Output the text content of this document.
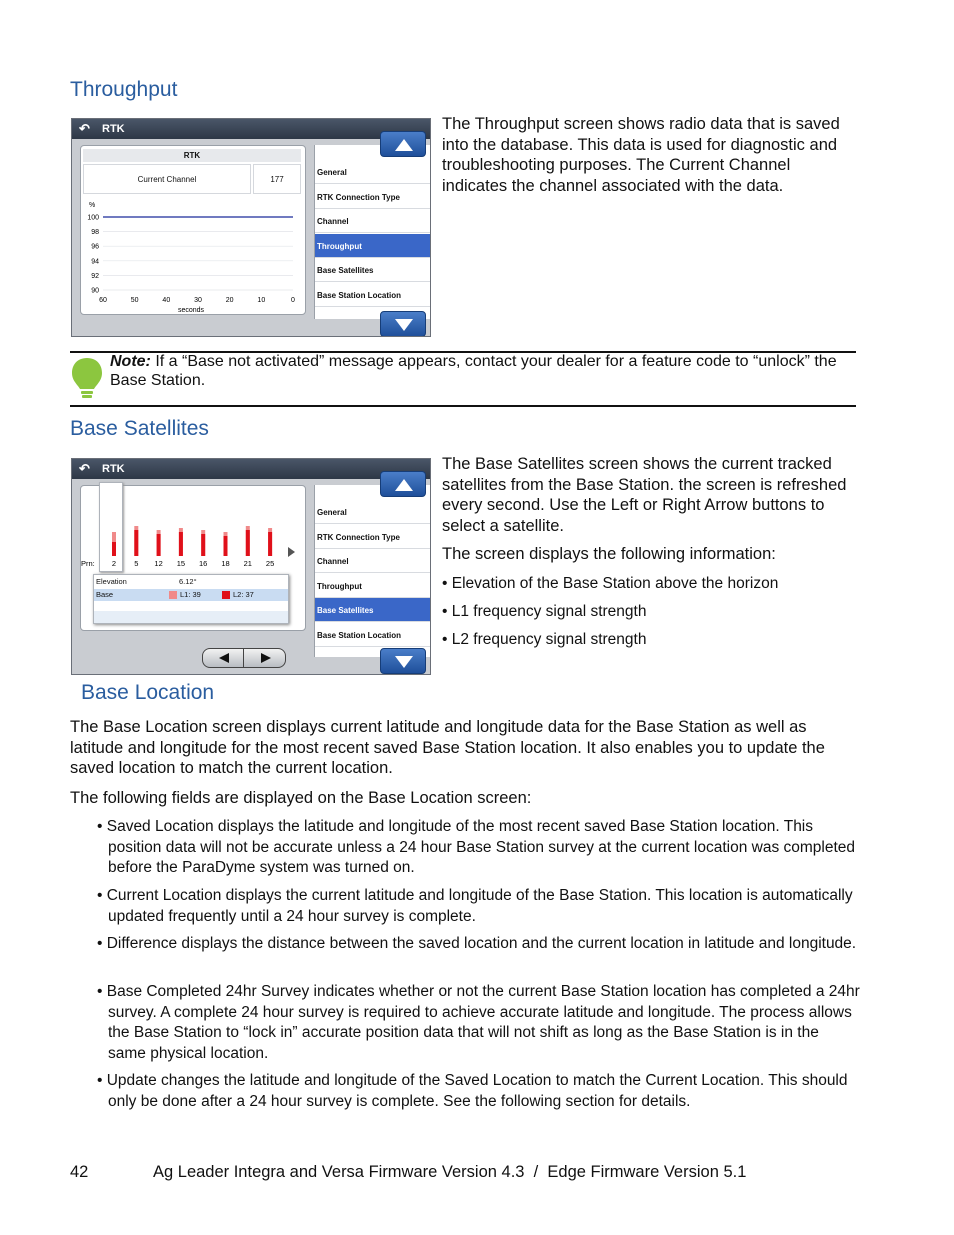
Throughput
↶ RTK
RTK
Current Channel	177
%
100
98
96
94
92
90
60	50	40	30	20	10	0
seconds
General
RTK Connection Type
Channel
Throughput
Base Satellites
Base Station Location
The Throughput screen shows radio data that is saved into the database. This data is used for diagnostic and troubleshooting purposes. The Current Channel indicates the channel associated with the data.
Note: If a “Base not activated” message appears, contact your dealer for a feature code to “unlock” the Base Station.
Base Satellites
↶ RTK
2 5 12 15 16 18 21 25
Prn:
Elevation	6.12°
Base	L1: 39	L2: 37
General
RTK Connection Type
Channel
Throughput
Base Satellites
Base Station Location
The Base Satellites screen shows the current tracked satellites from the Base Station. the screen is refreshed every second. Use the Left or Right Arrow buttons to select a satellite.
The screen displays the following information:
• Elevation of the Base Station above the horizon
• L1 frequency signal strength
• L2 frequency signal strength
Base Location
The Base Location screen displays current latitude and longitude data for the Base Station as well as latitude and longitude for the most recent saved Base Station location. It also enables you to update the saved location to match the current location.
The following fields are displayed on the Base Location screen:
• Saved Location displays the latitude and longitude of the most recent saved Base Station location. This position data will not be accurate unless a 24 hour Base Station survey at the current location was completed before the ParaDyme system was turned on.
• Current Location displays the current latitude and longitude of the Base Station. This location is automatically updated frequently until a 24 hour survey is complete.
• Difference displays the distance between the saved location and the current location in latitude and longitude.
• Base Completed 24hr Survey indicates whether or not the current Base Station location has completed a 24hr survey. A complete 24 hour survey is required to achieve accurate latitude and longitude. The process allows the Base Station to “lock in” accurate position data that will not shift as long as the Base Station is in the same physical location.
• Update changes the latitude and longitude of the Saved Location to match the Current Location. This should only be done after a 24 hour survey is complete. See the following section for details.
42	Ag Leader Integra and Versa Firmware Version 4.3  /  Edge Firmware Version 5.1
